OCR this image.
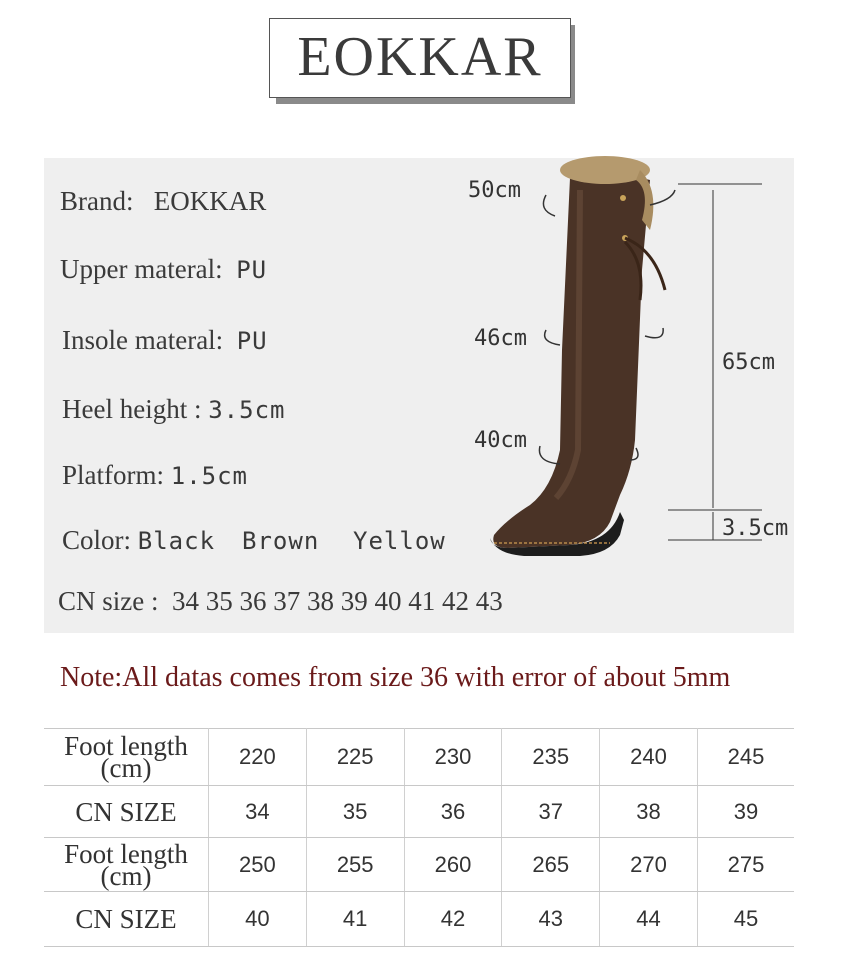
EOKKAR
Brand: EOKKAR
Upper materal: PU
Insole materal: PU
Heel height : 3.5cm
Platform: 1.5cm
Color: Black Brown Yellow
CN size : 34 35 36 37 38 39 40 41 42 43
50cm
46cm
40cm
65cm
3.5cm
Note:All datas comes from size 36 with error of about 5mm
Foot length (cm)	220	225	230	235	240	245
CN SIZE	34	35	36	37	38	39
Foot length (cm)	250	255	260	265	270	275
CN SIZE	40	41	42	43	44	45
